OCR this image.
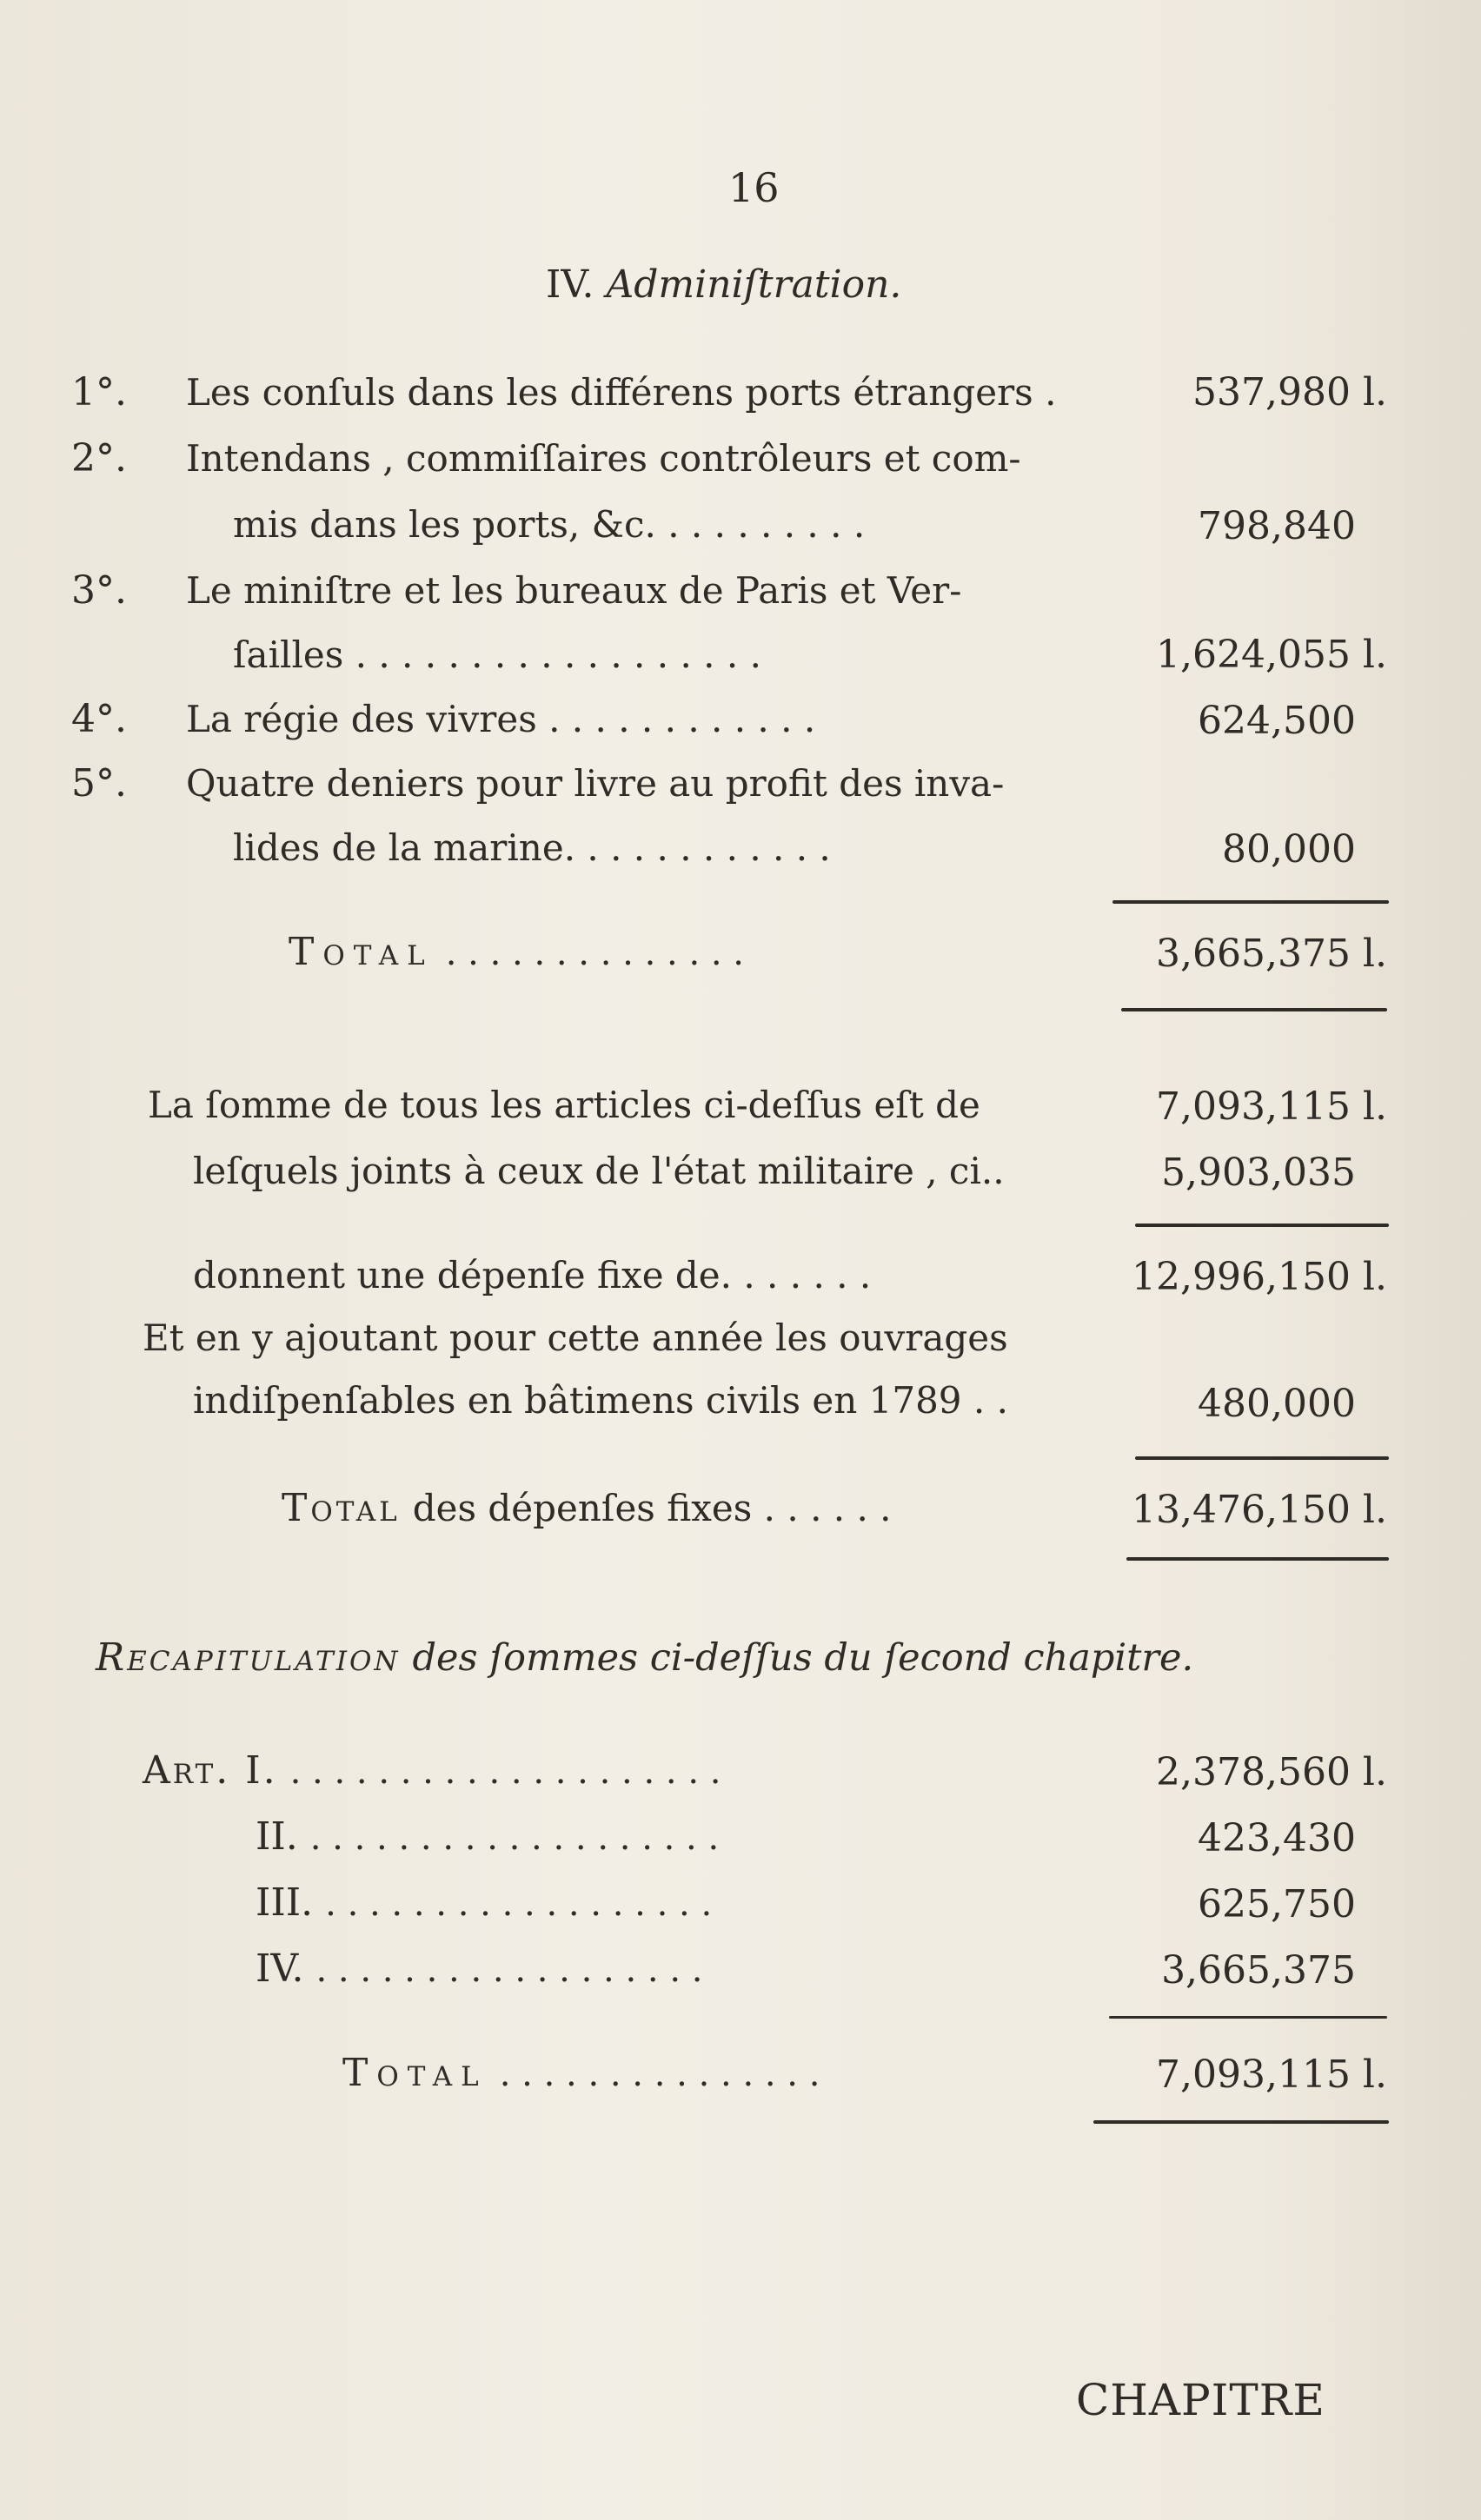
16
IV. Adminiſtration.
1°. Les conſuls dans les différens ports étrangers .	537,980 l.
2°. Intendans , commiſſaires contrôleurs et com-
mis dans les ports, &c. . . . . . . . . .	798,840
3°. Le miniſtre et les bureaux de Paris et Ver-
ſailles . . . . . . . . . . . . . . . . . .	1,624,055 l.
4°. La régie des vivres . . . . . . . . . . . .	624,500
5°. Quatre deniers pour livre au profit des inva-
lides de la marine. . . . . . . . . . . .	80,000
Total . . . . . . . . . . . . . .	3,665,375 l.
La ſomme de tous les articles ci-deſſus eſt de	7,093,115 l.
leſquels joints à ceux de l'état militaire , ci..	5,903,035
donnent une dépenſe fixe de. . . . . . .	12,996,150 l.
Et en y ajoutant pour cette année les ouvrages
indiſpenſables en bâtimens civils en 1789 . .	480,000
Total des dépenſes fixes . . . . . .	13,476,150 l.
Recapitulation des ſommes ci-deſſus du ſecond chapitre.
Art. I. . . . . . . . . . . . . . . . . . . . .	2,378,560 l.
II. . . . . . . . . . . . . . . . . . . .	423,430
III. . . . . . . . . . . . . . . . . . .	625,750
IV. . . . . . . . . . . . . . . . . . .	3,665,375
Total . . . . . . . . . . . . . . .	7,093,115 l.
CHAPITRE
